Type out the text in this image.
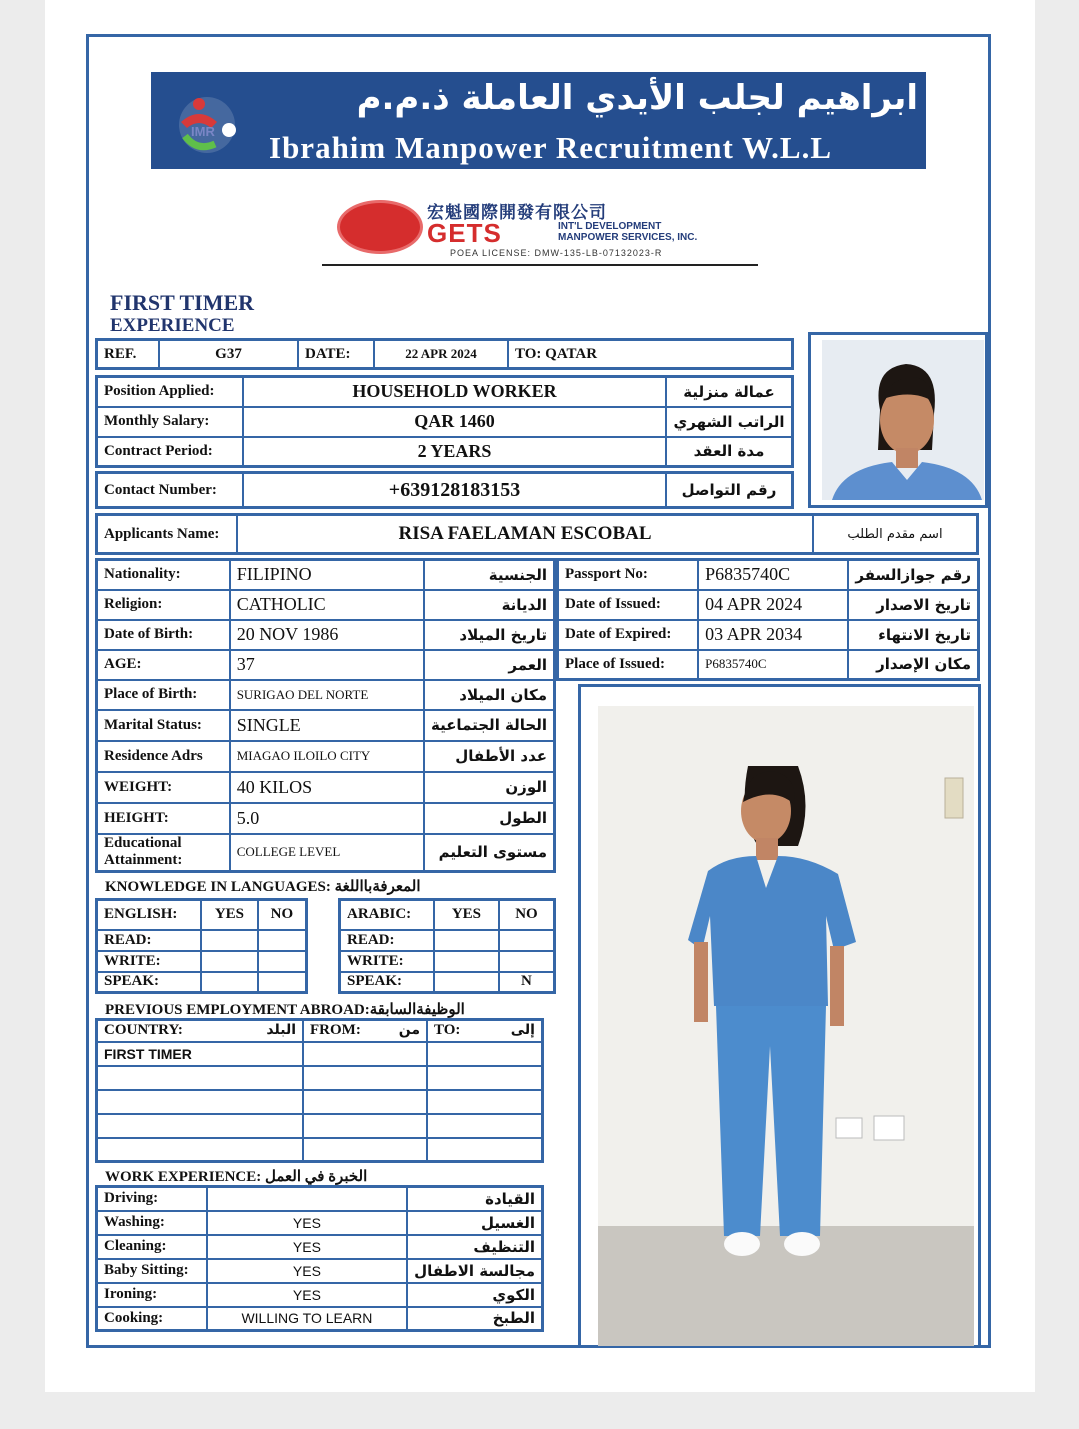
IMR
ابراهيم لجلب الأيدي العاملة ذ.م.م
Ibrahim Manpower Recruitment W.L.L
宏魁國際開發有限公司
GETS	INT'L DEVELOPMENT
MANPOWER SERVICES, INC.
POEA LICENSE: DMW-135-LB-07132023-R
FIRST TIMER
EXPERIENCE
REF.	G37	DATE:	22 APR 2024	TO: QATAR
Position Applied:	HOUSEHOLD WORKER	عمالة منزلية
Monthly Salary:	QAR 1460	الراتب الشهري
Contract Period:	2 YEARS	مدة العقد
Contact Number:	+639128183153	رقم التواصل
Applicants Name:	RISA FAELAMAN ESCOBAL	اسم مقدم الطلب
Nationality:	FILIPINO	الجنسية
Religion:	CATHOLIC	الديانة
Date of Birth:	20 NOV 1986	تاريخ الميلاد
AGE:	37	العمر
Place of Birth:	SURIGAO DEL NORTE	مكان الميلاد
Marital Status:	SINGLE	الحالة الجتماعية
Residence Adrs	MIAGAO ILOILO CITY	عدد الأطفال
WEIGHT:	40 KILOS	الوزن
HEIGHT:	5.0	الطول
Educational Attainment:	COLLEGE LEVEL	مستوى التعليم
Passport No:	P6835740C	رقم جوازالسفر
Date of Issued:	04 APR 2024	تاريخ الاصدار
Date of Expired:	03 APR 2034	تاريخ الانتهاء
Place of Issued:	P6835740C	مكان الإصدار
KNOWLEDGE IN LANGUAGES: المعرفةبااللغة
ENGLISH:	YES	NO
READ:		
WRITE:		
SPEAK:		
ARABIC:	YES	NO
READ:		
WRITE:		
SPEAK:		N
PREVIOUS EMPLOYMENT ABROAD:الوظيفةالسابقة
COUNTRY: البلد	FROM: من	TO: إلى

FIRST TIMER		

WORK EXPERIENCE: الخبرة في العمل
Driving:		القيادة
Washing:	YES	الغسيل
Cleaning:	YES	التنظيف
Baby Sitting:	YES	مجالسة الاطفال
Ironing:	YES	الكوي
Cooking:	WILLING TO LEARN	الطبخ
